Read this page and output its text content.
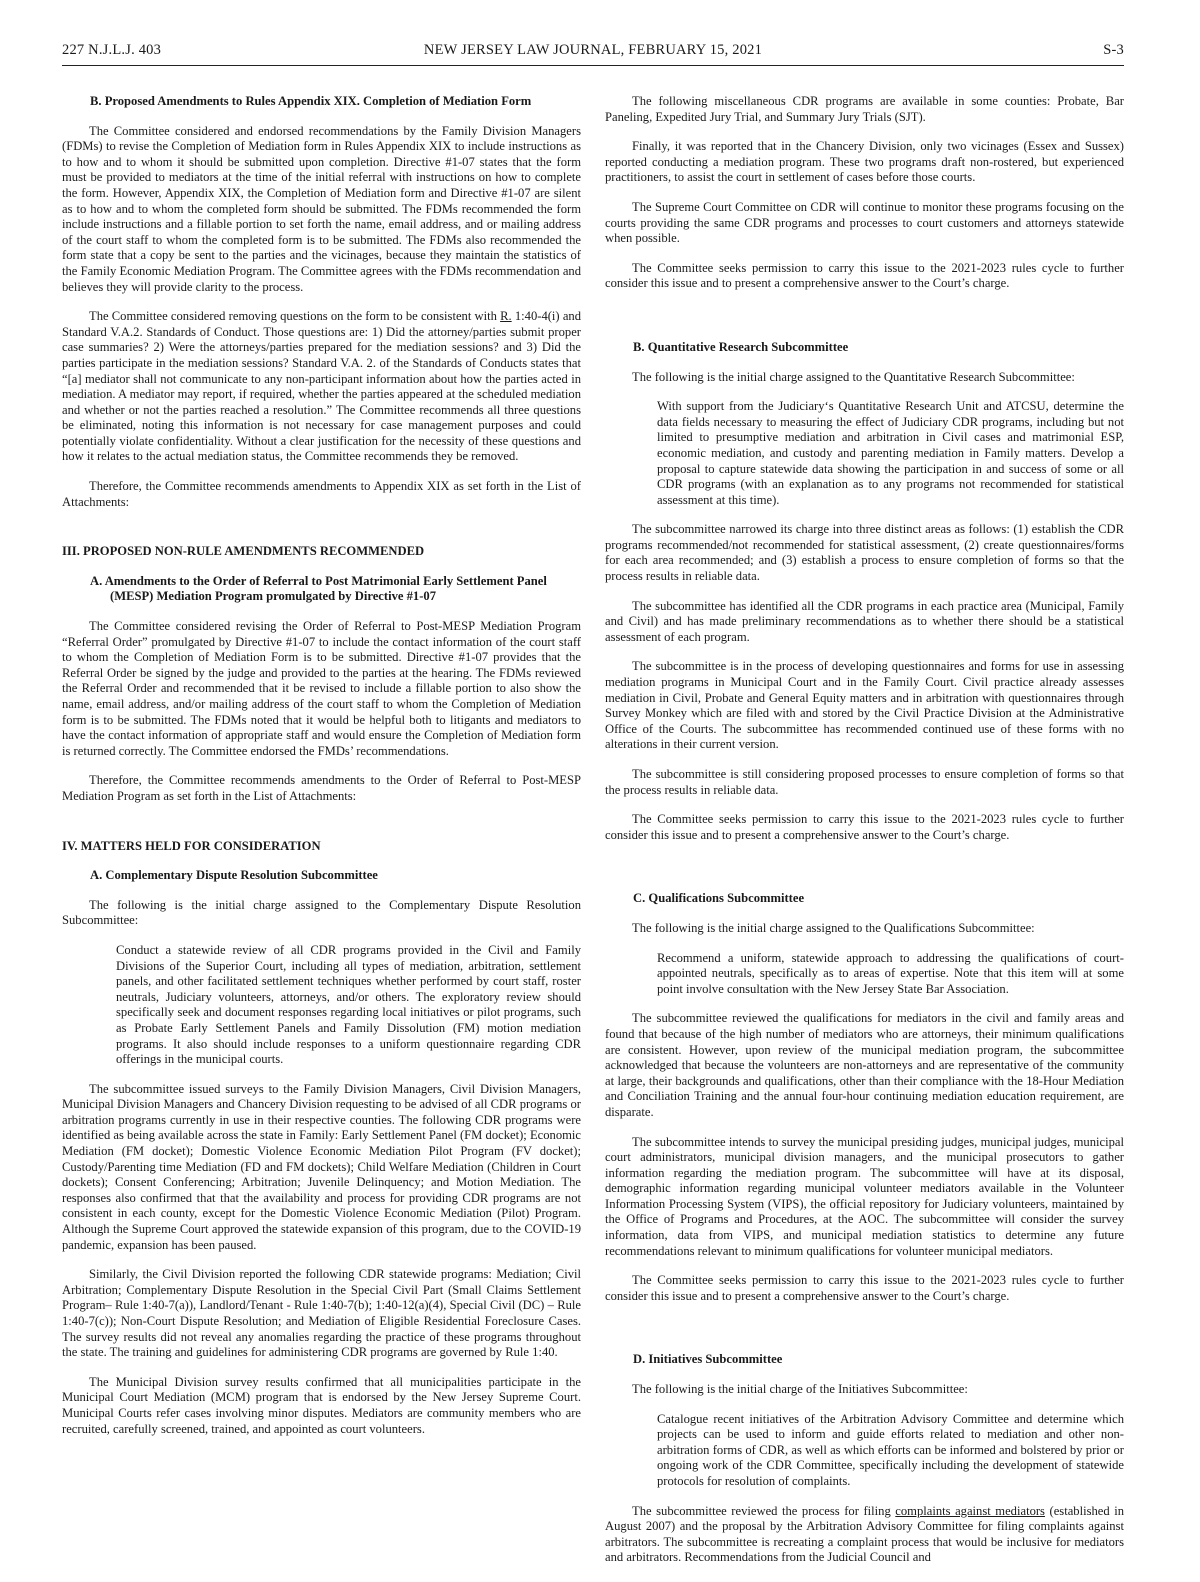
227 N.J.L.J. 403	NEW JERSEY LAW JOURNAL, FEBRUARY 15, 2021	S-3
B. Proposed Amendments to Rules Appendix XIX. Completion of Mediation Form

The Committee considered and endorsed recommendations by the Family Division Managers (FDMs) to revise the Completion of Mediation form in Rules Appendix XIX to include instructions as to how and to whom it should be submitted upon completion. Directive #1-07 states that the form must be provided to mediators at the time of the initial referral with instructions on how to complete the form. However, Appendix XIX, the Completion of Mediation form and Directive #1-07 are silent as to how and to whom the completed form should be submitted. The FDMs recommended the form include instructions and a fillable portion to set forth the name, email address, and or mailing address of the court staff to whom the completed form is to be submitted. The FDMs also recommended the form state that a copy be sent to the parties and the vicinages, because they maintain the statistics of the Family Economic Mediation Program. The Committee agrees with the FDMs recommendation and believes they will provide clarity to the process.

The Committee considered removing questions on the form to be consistent with R. 1:40-4(i) and Standard V.A.2. Standards of Conduct. Those questions are: 1) Did the attorney/parties submit proper case summaries? 2) Were the attorneys/parties prepared for the mediation sessions? and 3) Did the parties participate in the mediation sessions? Standard V.A. 2. of the Standards of Conducts states that “[a] mediator shall not communicate to any non-participant information about how the parties acted in mediation. A mediator may report, if required, whether the parties appeared at the scheduled mediation and whether or not the parties reached a resolution.” The Committee recommends all three questions be eliminated, noting this information is not necessary for case management purposes and could potentially violate confidentiality. Without a clear justification for the necessity of these questions and how it relates to the actual mediation status, the Committee recommends they be removed.

Therefore, the Committee recommends amendments to Appendix XIX as set forth in the List of Attachments:

III. PROPOSED NON-RULE AMENDMENTS RECOMMENDED
A. Amendments to the Order of Referral to Post Matrimonial Early Settlement Panel (MESP) Mediation Program promulgated by Directive #1-07

The Committee considered revising the Order of Referral to Post-MESP Mediation Program “Referral Order” promulgated by Directive #1-07 to include the contact information of the court staff to whom the Completion of Mediation Form is to be submitted. Directive #1-07 provides that the Referral Order be signed by the judge and provided to the parties at the hearing. The FDMs reviewed the Referral Order and recommended that it be revised to include a fillable portion to also show the name, email address, and/or mailing address of the court staff to whom the Completion of Mediation form is to be submitted. The FDMs noted that it would be helpful both to litigants and mediators to have the contact information of appropriate staff and would ensure the Completion of Mediation form is returned correctly. The Committee endorsed the FMDs’ recommendations.

Therefore, the Committee recommends amendments to the Order of Referral to Post-MESP Mediation Program as set forth in the List of Attachments:

IV. MATTERS HELD FOR CONSIDERATION
A. Complementary Dispute Resolution Subcommittee

The following is the initial charge assigned to the Complementary Dispute Resolution Subcommittee:

Conduct a statewide review of all CDR programs provided in the Civil and Family Divisions of the Superior Court, including all types of mediation, arbitration, settlement panels, and other facilitated settlement techniques whether performed by court staff, roster neutrals, Judiciary volunteers, attorneys, and/or others. The exploratory review should specifically seek and document responses regarding local initiatives or pilot programs, such as Probate Early Settlement Panels and Family Dissolution (FM) motion mediation programs. It also should include responses to a uniform questionnaire regarding CDR offerings in the municipal courts.

The subcommittee issued surveys to the Family Division Managers, Civil Division Managers, Municipal Division Managers and Chancery Division requesting to be advised of all CDR programs or arbitration programs currently in use in their respective counties. The following CDR programs were identified as being available across the state in Family: Early Settlement Panel (FM docket); Economic Mediation (FM docket); Domestic Violence Economic Mediation Pilot Program (FV docket); Custody/Parenting time Mediation (FD and FM dockets); Child Welfare Mediation (Children in Court dockets); Consent Conferencing; Arbitration; Juvenile Delinquency; and Motion Mediation. The responses also confirmed that that the availability and process for providing CDR programs are not consistent in each county, except for the Domestic Violence Economic Mediation (Pilot) Program. Although the Supreme Court approved the statewide expansion of this program, due to the COVID-19 pandemic, expansion has been paused.

Similarly, the Civil Division reported the following CDR statewide programs: Mediation; Civil Arbitration; Complementary Dispute Resolution in the Special Civil Part (Small Claims Settlement Program– Rule 1:40-7(a)), Landlord/Tenant - Rule 1:40-7(b); 1:40-12(a)(4), Special Civil (DC) – Rule 1:40-7(c)); Non-Court Dispute Resolution; and Mediation of Eligible Residential Foreclosure Cases. The survey results did not reveal any anomalies regarding the practice of these programs throughout the state. The training and guidelines for administering CDR programs are governed by Rule 1:40.

The Municipal Division survey results confirmed that all municipalities participate in the Municipal Court Mediation (MCM) program that is endorsed by the New Jersey Supreme Court. Municipal Courts refer cases involving minor disputes. Mediators are community members who are recruited, carefully screened, trained, and appointed as court volunteers.

The following miscellaneous CDR programs are available in some counties: Probate, Bar Paneling, Expedited Jury Trial, and Summary Jury Trials (SJT).

Finally, it was reported that in the Chancery Division, only two vicinages (Essex and Sussex) reported conducting a mediation program. These two programs draft non-rostered, but experienced practitioners, to assist the court in settlement of cases before those courts.

The Supreme Court Committee on CDR will continue to monitor these programs focusing on the courts providing the same CDR programs and processes to court customers and attorneys statewide when possible.

The Committee seeks permission to carry this issue to the 2021-2023 rules cycle to further consider this issue and to present a comprehensive answer to the Court’s charge.

B. Quantitative Research Subcommittee

The following is the initial charge assigned to the Quantitative Research Subcommittee:

With support from the Judiciary‘s Quantitative Research Unit and ATCSU, determine the data fields necessary to measuring the effect of Judiciary CDR programs, including but not limited to presumptive mediation and arbitration in Civil cases and matrimonial ESP, economic mediation, and custody and parenting mediation in Family matters. Develop a proposal to capture statewide data showing the participation in and success of some or all CDR programs (with an explanation as to any programs not recommended for statistical assessment at this time).

The subcommittee narrowed its charge into three distinct areas as follows: (1) establish the CDR programs recommended/not recommended for statistical assessment, (2) create questionnaires/forms for each area recommended; and (3) establish a process to ensure completion of forms so that the process results in reliable data.

The subcommittee has identified all the CDR programs in each practice area (Municipal, Family and Civil) and has made preliminary recommendations as to whether there should be a statistical assessment of each program.

The subcommittee is in the process of developing questionnaires and forms for use in assessing mediation programs in Municipal Court and in the Family Court. Civil practice already assesses mediation in Civil, Probate and General Equity matters and in arbitration with questionnaires through Survey Monkey which are filed with and stored by the Civil Practice Division at the Administrative Office of the Courts. The subcommittee has recommended continued use of these forms with no alterations in their current version.

The subcommittee is still considering proposed processes to ensure completion of forms so that the process results in reliable data.

The Committee seeks permission to carry this issue to the 2021-2023 rules cycle to further consider this issue and to present a comprehensive answer to the Court’s charge.

C. Qualifications Subcommittee

The following is the initial charge assigned to the Qualifications Subcommittee:

Recommend a uniform, statewide approach to addressing the qualifications of court-appointed neutrals, specifically as to areas of expertise. Note that this item will at some point involve consultation with the New Jersey State Bar Association.

The subcommittee reviewed the qualifications for mediators in the civil and family areas and found that because of the high number of mediators who are attorneys, their minimum qualifications are consistent. However, upon review of the municipal mediation program, the subcommittee acknowledged that because the volunteers are non-attorneys and are representative of the community at large, their backgrounds and qualifications, other than their compliance with the 18-Hour Mediation and Conciliation Training and the annual four-hour continuing mediation education requirement, are disparate.

The subcommittee intends to survey the municipal presiding judges, municipal judges, municipal court administrators, municipal division managers, and the municipal prosecutors to gather information regarding the mediation program. The subcommittee will have at its disposal, demographic information regarding municipal volunteer mediators available in the Volunteer Information Processing System (VIPS), the official repository for Judiciary volunteers, maintained by the Office of Programs and Procedures, at the AOC. The subcommittee will consider the survey information, data from VIPS, and municipal mediation statistics to determine any future recommendations relevant to minimum qualifications for volunteer municipal mediators.

The Committee seeks permission to carry this issue to the 2021-2023 rules cycle to further consider this issue and to present a comprehensive answer to the Court’s charge.

D. Initiatives Subcommittee

The following is the initial charge of the Initiatives Subcommittee:

Catalogue recent initiatives of the Arbitration Advisory Committee and determine which projects can be used to inform and guide efforts related to mediation and other non-arbitration forms of CDR, as well as which efforts can be informed and bolstered by prior or ongoing work of the CDR Committee, specifically including the development of statewide protocols for resolution of complaints.

The subcommittee reviewed the process for filing complaints against mediators (established in August 2007) and the proposal by the Arbitration Advisory Committee for filing complaints against arbitrators. The subcommittee is recreating a complaint process that would be inclusive for mediators and arbitrators. Recommendations from the Judicial Council and
